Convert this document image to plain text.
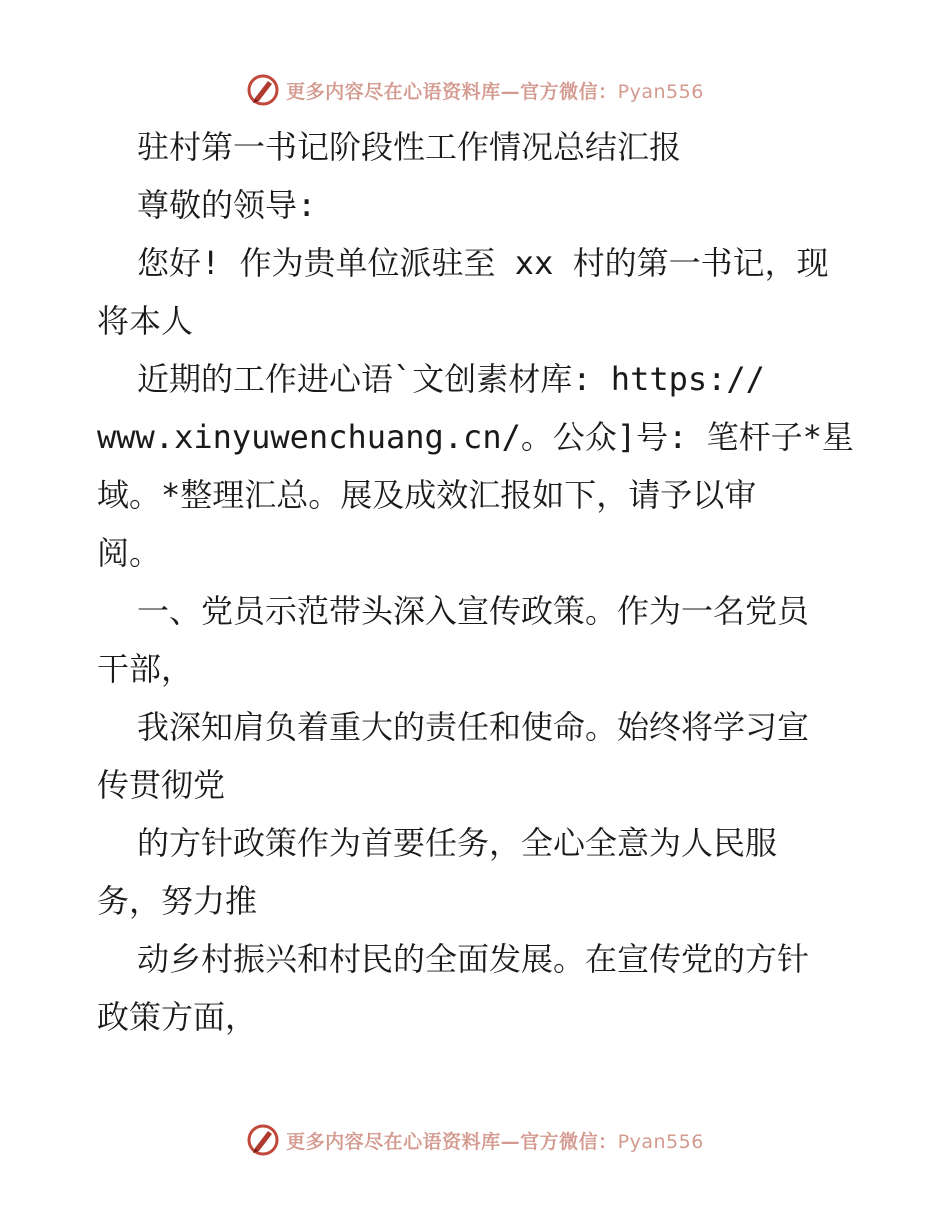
更多内容尽在心语资料库—官方微信：Pyan556
驻村第一书记阶段性工作情况总结汇报
尊敬的领导:
您好! 作为贵单位派驻至 xx 村的第一书记，现
将本人
近期的工作进心语`文创素材库: https://
www.xinyuwenchuang.cn/。公众]号: 笔杆子*星
域。*整理汇总。展及成效汇报如下，请予以审
阅。
一、党员示范带头深入宣传政策。作为一名党员
干部，
我深知肩负着重大的责任和使命。始终将学习宣
传贯彻党
的方针政策作为首要任务，全心全意为人民服
务，努力推
动乡村振兴和村民的全面发展。在宣传党的方针
政策方面，
更多内容尽在心语资料库—官方微信：Pyan556
